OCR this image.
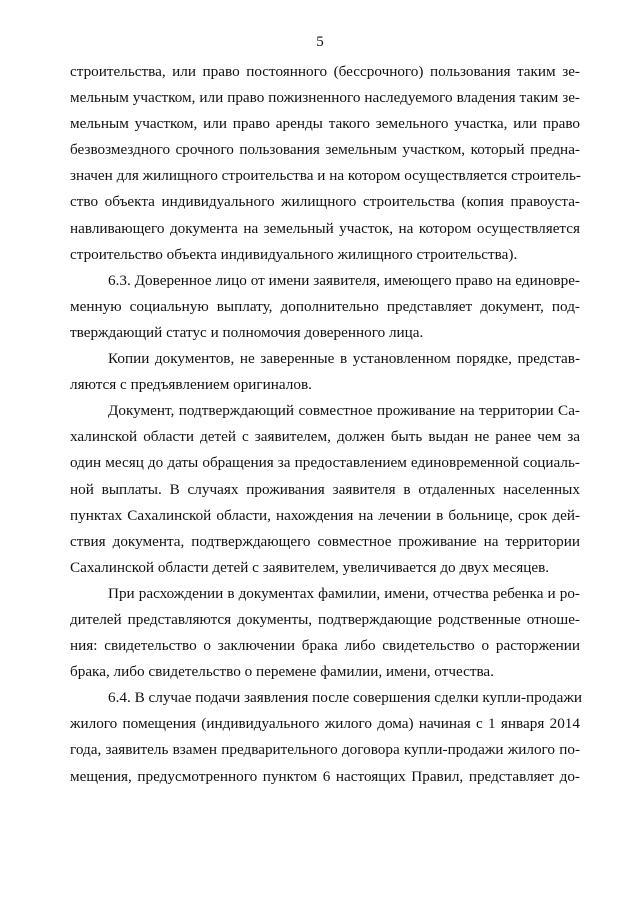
5
строительства, или право постоянного (бессрочного) пользования таким зе-
мельным участком, или право пожизненного наследуемого владения таким зе-
мельным участком, или право аренды такого земельного участка, или право
безвозмездного срочного пользования земельным участком, который предна-
значен для жилищного строительства и на котором осуществляется строитель-
ство объекта индивидуального жилищного строительства (копия правоуста-
навливающего документа на земельный участок, на котором осуществляется
строительство объекта индивидуального жилищного строительства).
6.3. Доверенное лицо от имени заявителя, имеющего право на единовре-
менную социальную выплату, дополнительно представляет документ, под-
тверждающий статус и полномочия доверенного лица.
Копии документов, не заверенные в установленном порядке, представ-
ляются с предъявлением оригиналов.
Документ, подтверждающий совместное проживание на территории Са-
халинской области детей с заявителем, должен быть выдан не ранее чем за
один месяц до даты обращения за предоставлением единовременной социаль-
ной выплаты. В случаях проживания заявителя в отдаленных населенных
пунктах Сахалинской области, нахождения на лечении в больнице, срок дей-
ствия документа, подтверждающего совместное проживание на территории
Сахалинской области детей с заявителем, увеличивается до двух месяцев.
При расхождении в документах фамилии, имени, отчества ребенка и ро-
дителей представляются документы, подтверждающие родственные отноше-
ния: свидетельство о заключении брака либо свидетельство о расторжении
брака, либо свидетельство о перемене фамилии, имени, отчества.
6.4. В случае подачи заявления после совершения сделки купли-продажи
жилого помещения (индивидуального жилого дома) начиная с 1 января 2014
года, заявитель взамен предварительного договора купли-продажи жилого по-
мещения, предусмотренного пунктом 6 настоящих Правил, представляет до-
